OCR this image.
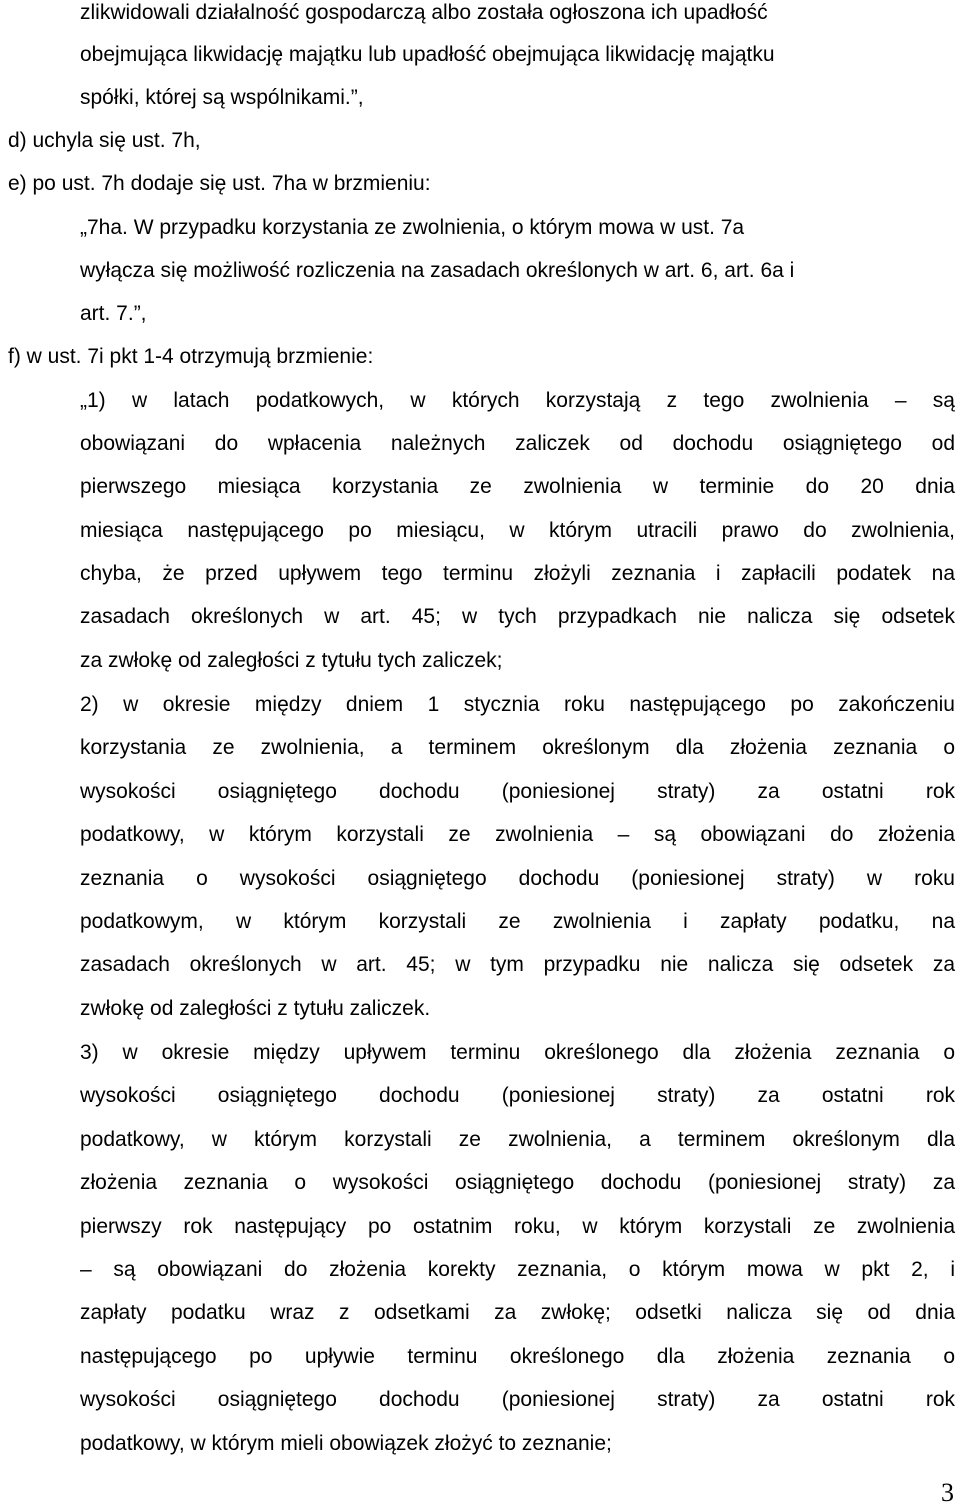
zlikwidowali działalność gospodarczą albo została ogłoszona ich upadłość
obejmująca likwidację majątku lub upadłość obejmująca likwidację majątku
spółki, której są wspólnikami.”,
d) uchyla się ust. 7h,
e) po ust. 7h dodaje się ust. 7ha w brzmieniu:
„7ha. W przypadku korzystania ze zwolnienia, o którym mowa w ust. 7a
wyłącza się możliwość rozliczenia na zasadach określonych w art. 6, art. 6a i
art. 7.”,
f) w ust. 7i pkt 1-4 otrzymują brzmienie:
„1) w latach podatkowych, w których korzystają z tego zwolnienia – są
obowiązani do wpłacenia należnych zaliczek od dochodu osiągniętego od
pierwszego miesiąca korzystania ze zwolnienia w terminie do 20 dnia
miesiąca następującego po miesiącu, w którym utracili prawo do zwolnienia,
chyba, że przed upływem tego terminu złożyli zeznania i zapłacili podatek na
zasadach określonych w art. 45; w tych przypadkach nie nalicza się odsetek
za zwłokę od zaległości z tytułu tych zaliczek;
2) w okresie między dniem 1 stycznia roku następującego po zakończeniu
korzystania ze zwolnienia, a terminem określonym dla złożenia zeznania o
wysokości osiągniętego dochodu (poniesionej straty) za ostatni rok
podatkowy, w którym korzystali ze zwolnienia – są obowiązani do złożenia
zeznania o wysokości osiągniętego dochodu (poniesionej straty) w roku
podatkowym, w którym korzystali ze zwolnienia i zapłaty podatku, na
zasadach określonych w art. 45; w tym przypadku nie nalicza się odsetek za
zwłokę od zaległości z tytułu zaliczek.
3) w okresie między upływem terminu określonego dla złożenia zeznania o
wysokości osiągniętego dochodu (poniesionej straty) za ostatni rok
podatkowy, w którym korzystali ze zwolnienia, a terminem określonym dla
złożenia zeznania o wysokości osiągniętego dochodu (poniesionej straty) za
pierwszy rok następujący po ostatnim roku, w którym korzystali ze zwolnienia
– są obowiązani do złożenia korekty zeznania, o którym mowa w pkt 2, i
zapłaty podatku wraz z odsetkami za zwłokę; odsetki nalicza się od dnia
następującego po upływie terminu określonego dla złożenia zeznania o
wysokości osiągniętego dochodu (poniesionej straty) za ostatni rok
podatkowy, w którym mieli obowiązek złożyć to zeznanie;
3
